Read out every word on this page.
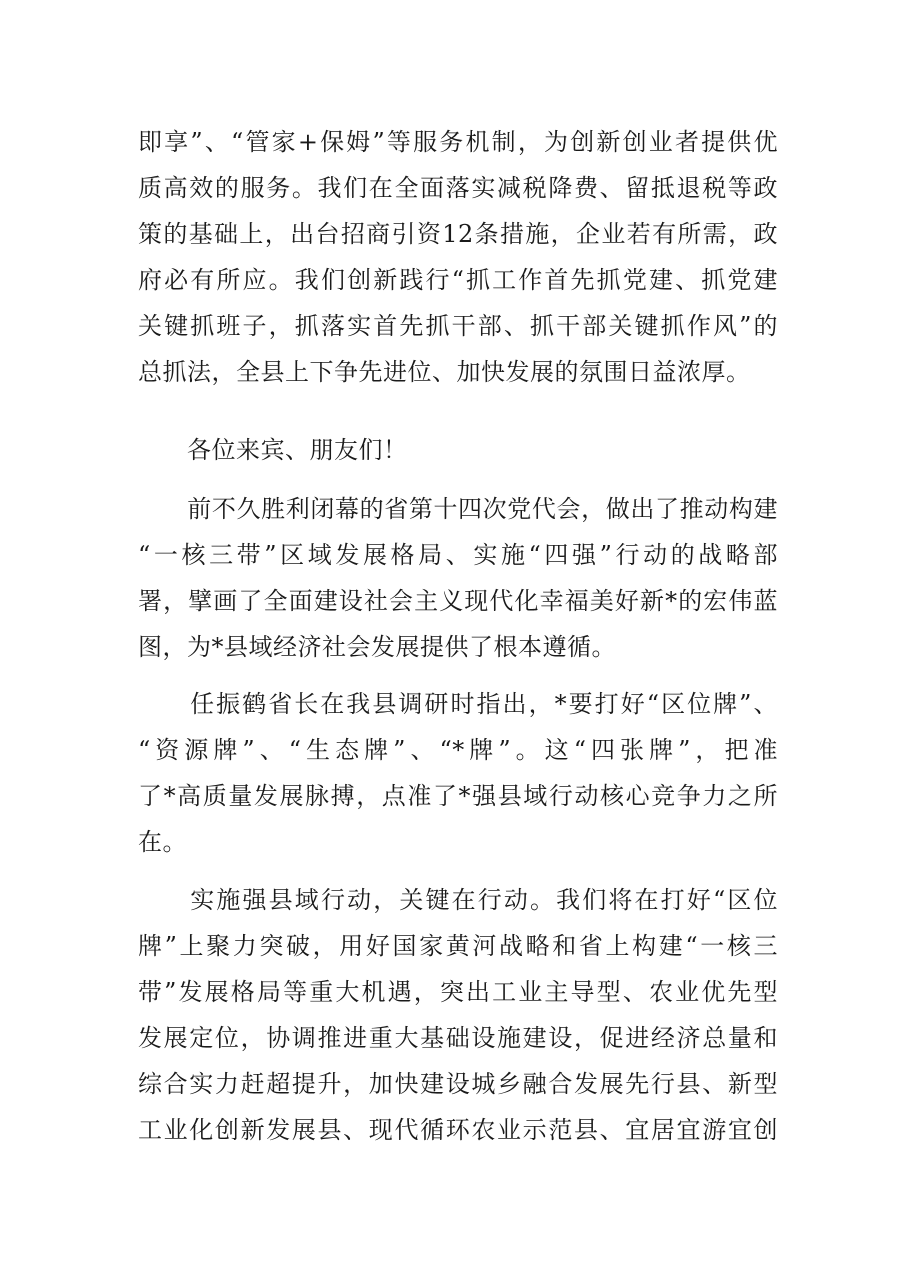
即享”、“管家+保姆”等服务机制，为创新创业者提供优
质高效的服务。我们在全面落实减税降费、留抵退税等政
策的基础上，出台招商引资12条措施，企业若有所需，政
府必有所应。我们创新践行“抓工作首先抓党建、抓党建
关键抓班子，抓落实首先抓干部、抓干部关键抓作风”的
总抓法，全县上下争先进位、加快发展的氛围日益浓厚。
　　各位来宾、朋友们！
　　前不久胜利闭幕的省第十四次党代会，做出了推动构建
“一核三带”区域发展格局、实施“四强”行动的战略部
署，擘画了全面建设社会主义现代化幸福美好新*的宏伟蓝
图，为*县域经济社会发展提供了根本遵循。
　　任振鹤省长在我县调研时指出，*要打好“区位牌”、
“资源牌”、“生态牌”、“*牌”。这“四张牌”，把准
了*高质量发展脉搏，点准了*强县域行动核心竞争力之所
在。
　　实施强县域行动，关键在行动。我们将在打好“区位
牌”上聚力突破，用好国家黄河战略和省上构建“一核三
带”发展格局等重大机遇，突出工业主导型、农业优先型
发展定位，协调推进重大基础设施建设，促进经济总量和
综合实力赶超提升，加快建设城乡融合发展先行县、新型
工业化创新发展县、现代循环农业示范县、宜居宜游宜创
